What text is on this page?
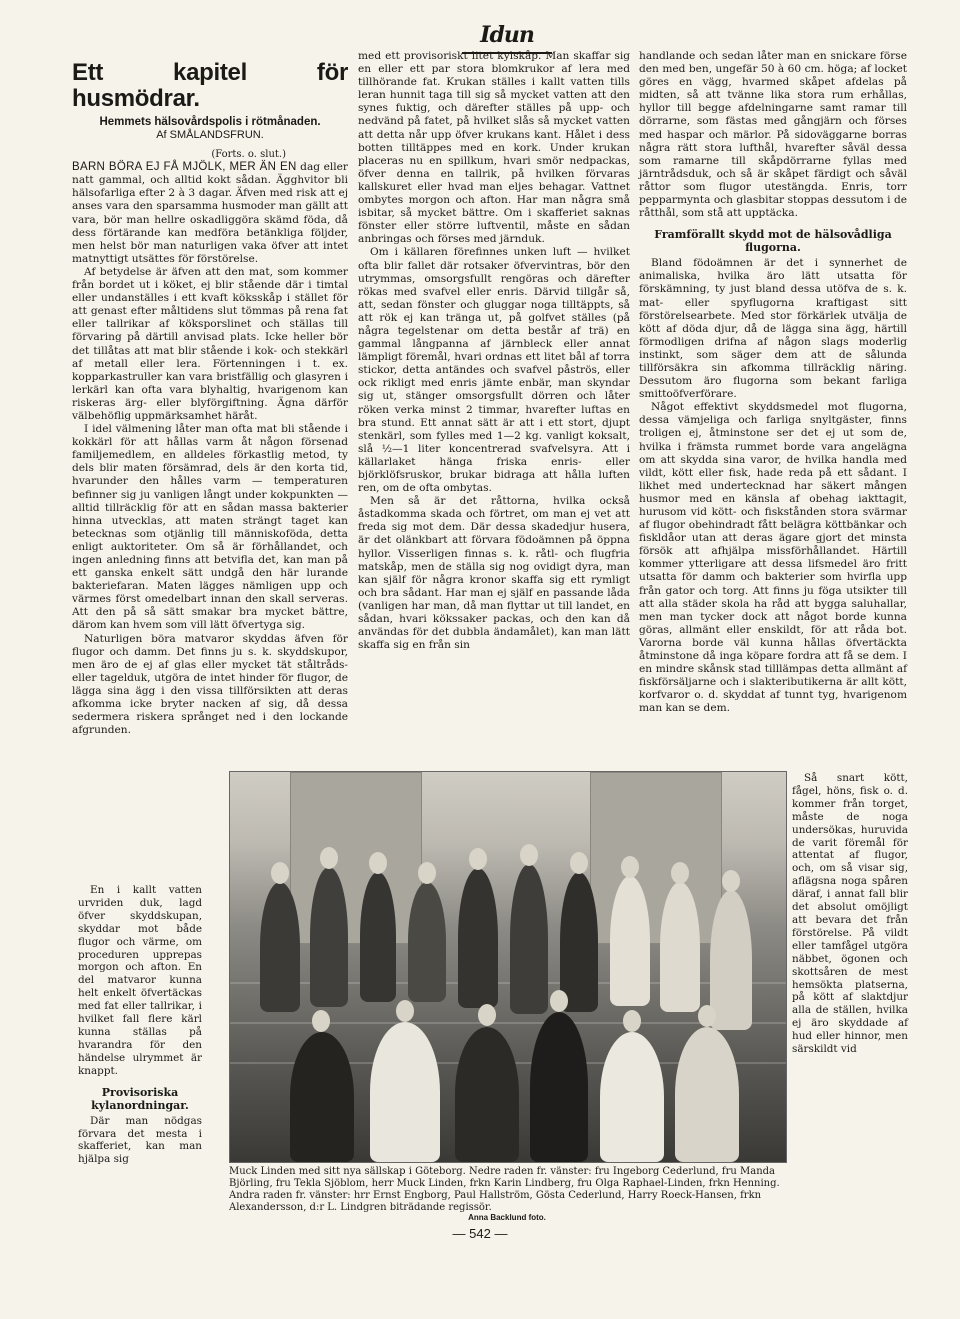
Idun
Ett kapitel för husmödrar.
Hemmets hälsovårdspolis i rötmånaden.
Af SMÅLANDSFRUN.
(Forts. o. slut.)

BARN BÖRA EJ FÅ MJÖLK, MER ÄN EN dag eller natt gammal, och alltid kokt sådan. Ägghvitor bli hälsofarliga efter 2 à 3 dagar. Äfven med risk att ej anses vara den sparsamma husmoder man gällt att vara, bör man hellre oskadliggöra skämd föda, då dess förtärande kan medföra betänkliga följder, men helst bör man naturligen vaka öfver att intet matnyttigt utsättes för förstörelse.

Af betydelse är äfven att den mat, som kommer från bordet ut i köket, ej blir stående där i timtal eller undanställes i ett kvaft köksskåp i stället för att genast efter måltidens slut tömmas på rena fat eller tallrikar af köksporslinet och ställas till förvaring på därtill anvisad plats. Icke heller bör det tillåtas att mat blir stående i kok- och stekkärl af metall eller lera. Förtenningen i t. ex. kopparkastruller kan vara bristfällig och glasyren i lerkärl kan ofta vara blyhaltig, hvarigenom kan riskeras ärg- eller blyförgiftning. Ägna därför välbehöflig uppmärksamhet häråt.

I idel välmening låter man ofta mat bli stående i kokkärl för att hållas varm åt någon försenad familjemedlem, en alldeles förkastlig metod, ty dels blir maten försämrad, dels är den korta tid, hvarunder den hålles varm — temperaturen befinner sig ju vanligen långt under kokpunkten — alltid tillräcklig för att en sådan massa bakterier hinna utvecklas, att maten strängt taget kan betecknas som otjänlig till människoföda, detta enligt auktoriteter. Om så är förhållandet, och ingen anledning finns att betvifla det, kan man på ett ganska enkelt sätt undgå den här lurande bakteriefaran. Maten lägges nämligen upp och värmes först omedelbart innan den skall serveras. Att den på så sätt smakar bra mycket bättre, därom kan hvem som vill lätt öfvertyga sig.

Naturligen böra matvaror skyddas äfven för flugor och damm. Det finns ju s. k. skyddskupor, men äro de ej af glas eller mycket tät ståltråds- eller tagelduk, utgöra de intet hinder för flugor, de lägga sina ägg i den vissa tillförsikten att deras afkomma icke bryter nacken af sig, då dessa sedermera riskera språnget ned i den lockande afgrunden.

En i kallt vatten urvriden duk, lagd öfver skyddskupan, skyddar mot både flugor och värme, om proceduren upprepas morgon och afton. En del matvaror kunna helt enkelt öfvertäckas med fat eller tallrikar, i hvilket fall flere kärl kunna ställas på hvarandra för den händelse ulrymmet är knappt.

Provisoriska kylanordningar.

Där man nödgas förvara det mesta i skafferiet, kan man hjälpa sig

med ett provisoriskt litet kylskåp. Man skaffar sig en eller ett par stora blomkrukor af lera med tillhörande fat. Krukan ställes i kallt vatten tills leran hunnit taga till sig så mycket vatten att den synes fuktig, och därefter ställes på upp- och nedvänd på fatet, på hvilket slås så mycket vatten att detta når upp öfver krukans kant. Hålet i dess botten tilltäppes med en kork. Under krukan placeras nu en spillkum, hvari smör nedpackas, öfver denna en tallrik, på hvilken förvaras kallskuret eller hvad man eljes behagar. Vattnet ombytes morgon och afton. Har man några små isbitar, så mycket bättre. Om i skafferiet saknas fönster eller större luftventil, måste en sådan anbringas och förses med järnduk.

Om i källaren förefinnes unken luft — hvilket ofta blir fallet där rotsaker öfvervintras, bör den utrymmas, omsorgsfullt rengöras och därefter rökas med svafvel eller enris. Därvid tillgår så, att, sedan fönster och gluggar noga tilltäppts, så att rök ej kan tränga ut, på golfvet ställes (på några tegelstenar om detta består af trä) en gammal långpanna af järnbleck eller annat lämpligt föremål, hvari ordnas ett litet bål af torra stickor, detta antändes och svafvel påströs, eller ock rikligt med enris jämte enbär, man skyndar sig ut, stänger omsorgsfullt dörren och låter röken verka minst 2 timmar, hvarefter luftas en bra stund. Ett annat sätt är att i ett stort, djupt stenkärl, som fylles med 1—2 kg. vanligt koksalt, slå ½—1 liter koncentrerad svafvelsyra. Att i källarlaket hänga friska enris- eller björklöfsruskor, brukar bidraga att hålla luften ren, om de ofta ombytas.

Men så är det råttorna, hvilka också åstadkomma skada och förtret, om man ej vet att freda sig mot dem. Där dessa skadedjur husera, är det olänkbart att förvara födoämnen på öppna hyllor. Visserligen finnas s. k. råtl- och flugfria matskåp, men de ställa sig nog ovidigt dyra, man kan själf för några kronor skaffa sig ett rymligt och bra sådant. Har man ej själf en passande låda (vanligen har man, då man flyttar ut till landet, en sådan, hvari kökssaker packas, och den kan då användas för det dubbla ändamålet), kan man lätt skaffa sig en från sin

handlande och sedan låter man en snickare förse den med ben, ungefär 50 à 60 cm. höga; af locket göres en vägg, hvarmed skåpet afdelas på midten, så att tvänne lika stora rum erhållas, hyllor till begge afdelningarne samt ramar till dörrarne, som fästas med gångjärn och förses med haspar och märlor. På sidoväggarne borras några rätt stora lufthål, hvarefter såväl dessa som ramarne till skåpdörrarne fyllas med järntrådsduk, och så är skåpet färdigt och såväl råttor som flugor utestängda. Enris, torr pepparmynta och glasbitar stoppas dessutom i de råtthål, som stå att upptäcka.

Framförallt skydd mot de hälsovådliga flugorna.

Bland födoämnen är det i synnerhet de animaliska, hvilka äro lätt utsatta för förskämning, ty just bland dessa utöfva de s. k. mat- eller spyflugorna kraftigast sitt förstörelsearbete. Med stor förkärlek utvälja de kött af döda djur, då de lägga sina ägg, härtill förmodligen drifna af någon slags moderlig instinkt, som säger dem att de sålunda tillförsäkra sin afkomma tillräcklig näring. Dessutom äro flugorna som bekant farliga smittoöfverförare.

Något effektivt skyddsmedel mot flugorna, dessa vämjeliga och farliga snyltgäster, finns troligen ej, åtminstone ser det ej ut som de, hvilka i främsta rummet borde vara angelägna om att skydda sina varor, de hvilka handla med vildt, kött eller fisk, hade reda på ett sådant. I likhet med undertecknad har säkert mången husmor med en känsla af obehag iakttagit, hurusom vid kött- och fiskstånden stora svärmar af flugor obehindradt fått belägra köttbänkar och fiskldåor utan att deras ägare gjort det minsta försök att afhjälpa missförhållandet. Härtill kommer ytterligare att dessa lifsmedel äro fritt utsatta för damm och bakterier som hvirfla upp från gator och torg. Att finns ju föga utsikter till att alla städer skola ha råd att bygga saluhallar, men man tycker dock att något borde kunna göras, allmänt eller enskildt, för att råda bot. Varorna borde väl kunna hållas öfvertäckta åtminstone då inga köpare fordra att få se dem. I en mindre skånsk stad tilllämpas detta allmänt af fiskförsäljarne och i slakteributikerna är allt kött, korfvaror o. d. skyddat af tunnt tyg, hvarigenom man kan se dem.

Så snart kött, fågel, höns, fisk o. d. kommer från torget, måste de noga undersökas, huruvida de varit föremål för attentat af flugor, och, om så visar sig, aflägsna noga spåren däraf, i annat fall blir det absolut omöjligt att bevara det från förstörelse. På vildt eller tamfågel utgöra näbbet, ögonen och skottsåren de mest hemsökta platserna, på kött af slaktdjur alla de ställen, hvilka ej äro skyddade af hud eller hinnor, men särskildt vid

Muck Linden med sitt nya sällskap i Göteborg. Nedre raden fr. vänster: fru Ingeborg Cederlund, fru Manda Björling, fru Tekla Sjöblom, herr Muck Linden, frkn Karin Lindberg, fru Olga Raphael-Linden, frkn Henning. Andra raden fr. vänster: hrr Ernst Engborg, Paul Hallström, Gösta Cederlund, Harry Roeck-Hansen, frkn Alexandersson, d:r L. Lindgren biträdande regissör.
Anna Backlund foto.
— 542 —
